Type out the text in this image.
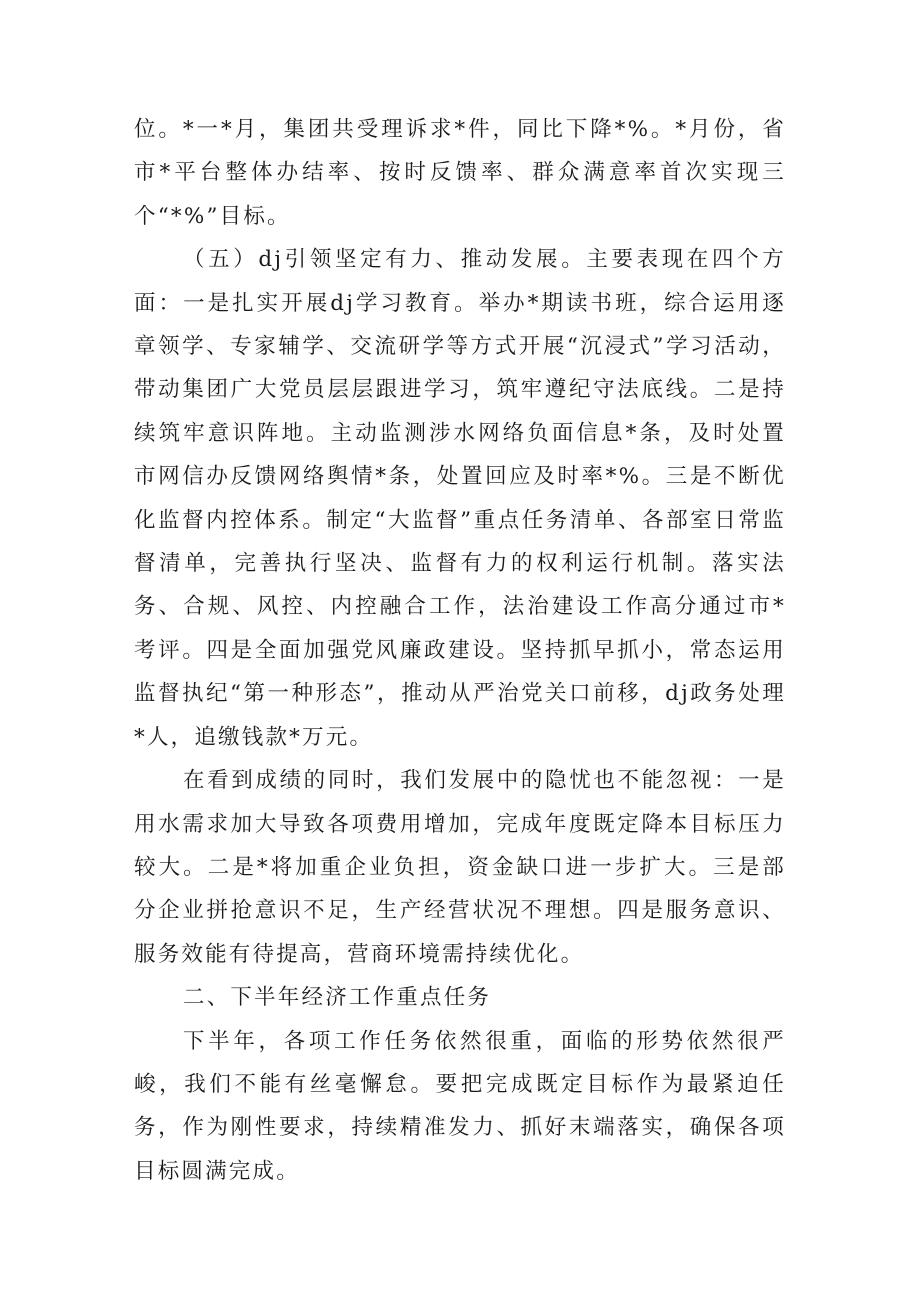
位。*一*月，集团共受理诉求*件，同比下降*%。*月份，省市*平台整体办结率、按时反馈率、群众满意率首次实现三个“*%”目标。

（五）dj引领坚定有力、推动发展。主要表现在四个方面：一是扎实开展dj学习教育。举办*期读书班，综合运用逐章领学、专家辅学、交流研学等方式开展“沉浸式”学习活动，带动集团广大党员层层跟进学习，筑牢遵纪守法底线。二是持续筑牢意识阵地。主动监测涉水网络负面信息*条，及时处置市网信办反馈网络舆情*条，处置回应及时率*%。三是不断优化监督内控体系。制定“大监督”重点任务清单、各部室日常监督清单，完善执行坚决、监督有力的权利运行机制。落实法务、合规、风控、内控融合工作，法治建设工作高分通过市*考评。四是全面加强党风廉政建设。坚持抓早抓小，常态运用监督执纪“第一种形态”，推动从严治党关口前移，dj政务处理*人，追缴钱款*万元。

在看到成绩的同时，我们发展中的隐忧也不能忽视：一是用水需求加大导致各项费用增加，完成年度既定降本目标压力较大。二是*将加重企业负担，资金缺口进一步扩大。三是部分企业拼抢意识不足，生产经营状况不理想。四是服务意识、服务效能有待提高，营商环境需持续优化。

二、下半年经济工作重点任务

下半年，各项工作任务依然很重，面临的形势依然很严峻，我们不能有丝毫懈怠。要把完成既定目标作为最紧迫任务，作为刚性要求，持续精准发力、抓好末端落实，确保各项目标圆满完成。
